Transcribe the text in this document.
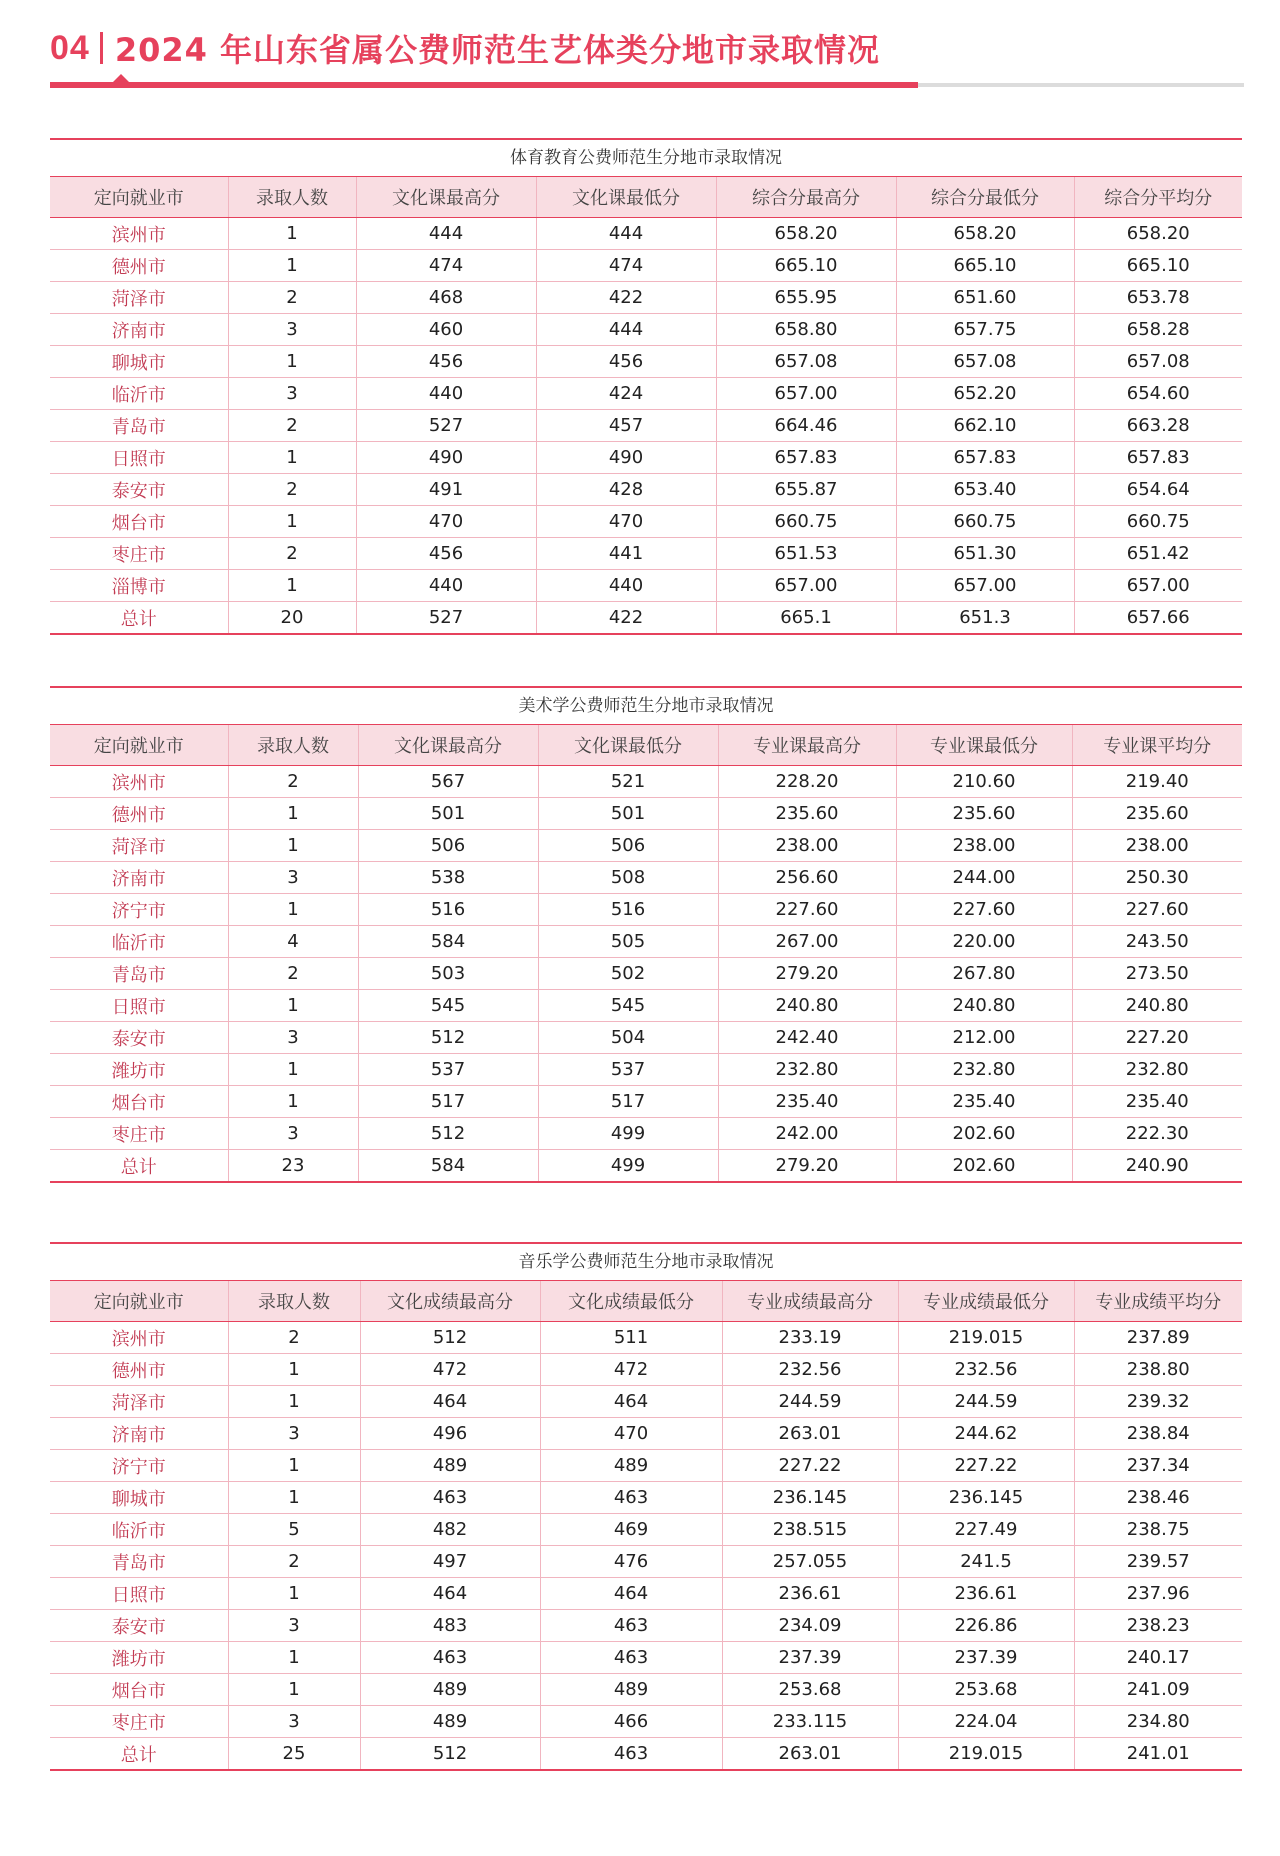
04 2024 年山东省属公费师范生艺体类分地市录取情况
体育教育公费师范生分地市录取情况
定向就业市	录取人数	文化课最高分	文化课最低分	综合分最高分	综合分最低分	综合分平均分
滨州市	1	444	444	658.20	658.20	658.20
德州市	1	474	474	665.10	665.10	665.10
菏泽市	2	468	422	655.95	651.60	653.78
济南市	3	460	444	658.80	657.75	658.28
聊城市	1	456	456	657.08	657.08	657.08
临沂市	3	440	424	657.00	652.20	654.60
青岛市	2	527	457	664.46	662.10	663.28
日照市	1	490	490	657.83	657.83	657.83
泰安市	2	491	428	655.87	653.40	654.64
烟台市	1	470	470	660.75	660.75	660.75
枣庄市	2	456	441	651.53	651.30	651.42
淄博市	1	440	440	657.00	657.00	657.00
总计	20	527	422	665.1	651.3	657.66
美术学公费师范生分地市录取情况
定向就业市	录取人数	文化课最高分	文化课最低分	专业课最高分	专业课最低分	专业课平均分
滨州市	2	567	521	228.20	210.60	219.40
德州市	1	501	501	235.60	235.60	235.60
菏泽市	1	506	506	238.00	238.00	238.00
济南市	3	538	508	256.60	244.00	250.30
济宁市	1	516	516	227.60	227.60	227.60
临沂市	4	584	505	267.00	220.00	243.50
青岛市	2	503	502	279.20	267.80	273.50
日照市	1	545	545	240.80	240.80	240.80
泰安市	3	512	504	242.40	212.00	227.20
潍坊市	1	537	537	232.80	232.80	232.80
烟台市	1	517	517	235.40	235.40	235.40
枣庄市	3	512	499	242.00	202.60	222.30
总计	23	584	499	279.20	202.60	240.90
音乐学公费师范生分地市录取情况
定向就业市	录取人数	文化成绩最高分	文化成绩最低分	专业成绩最高分	专业成绩最低分	专业成绩平均分
滨州市	2	512	511	233.19	219.015	237.89
德州市	1	472	472	232.56	232.56	238.80
菏泽市	1	464	464	244.59	244.59	239.32
济南市	3	496	470	263.01	244.62	238.84
济宁市	1	489	489	227.22	227.22	237.34
聊城市	1	463	463	236.145	236.145	238.46
临沂市	5	482	469	238.515	227.49	238.75
青岛市	2	497	476	257.055	241.5	239.57
日照市	1	464	464	236.61	236.61	237.96
泰安市	3	483	463	234.09	226.86	238.23
潍坊市	1	463	463	237.39	237.39	240.17
烟台市	1	489	489	253.68	253.68	241.09
枣庄市	3	489	466	233.115	224.04	234.80
总计	25	512	463	263.01	219.015	241.01
